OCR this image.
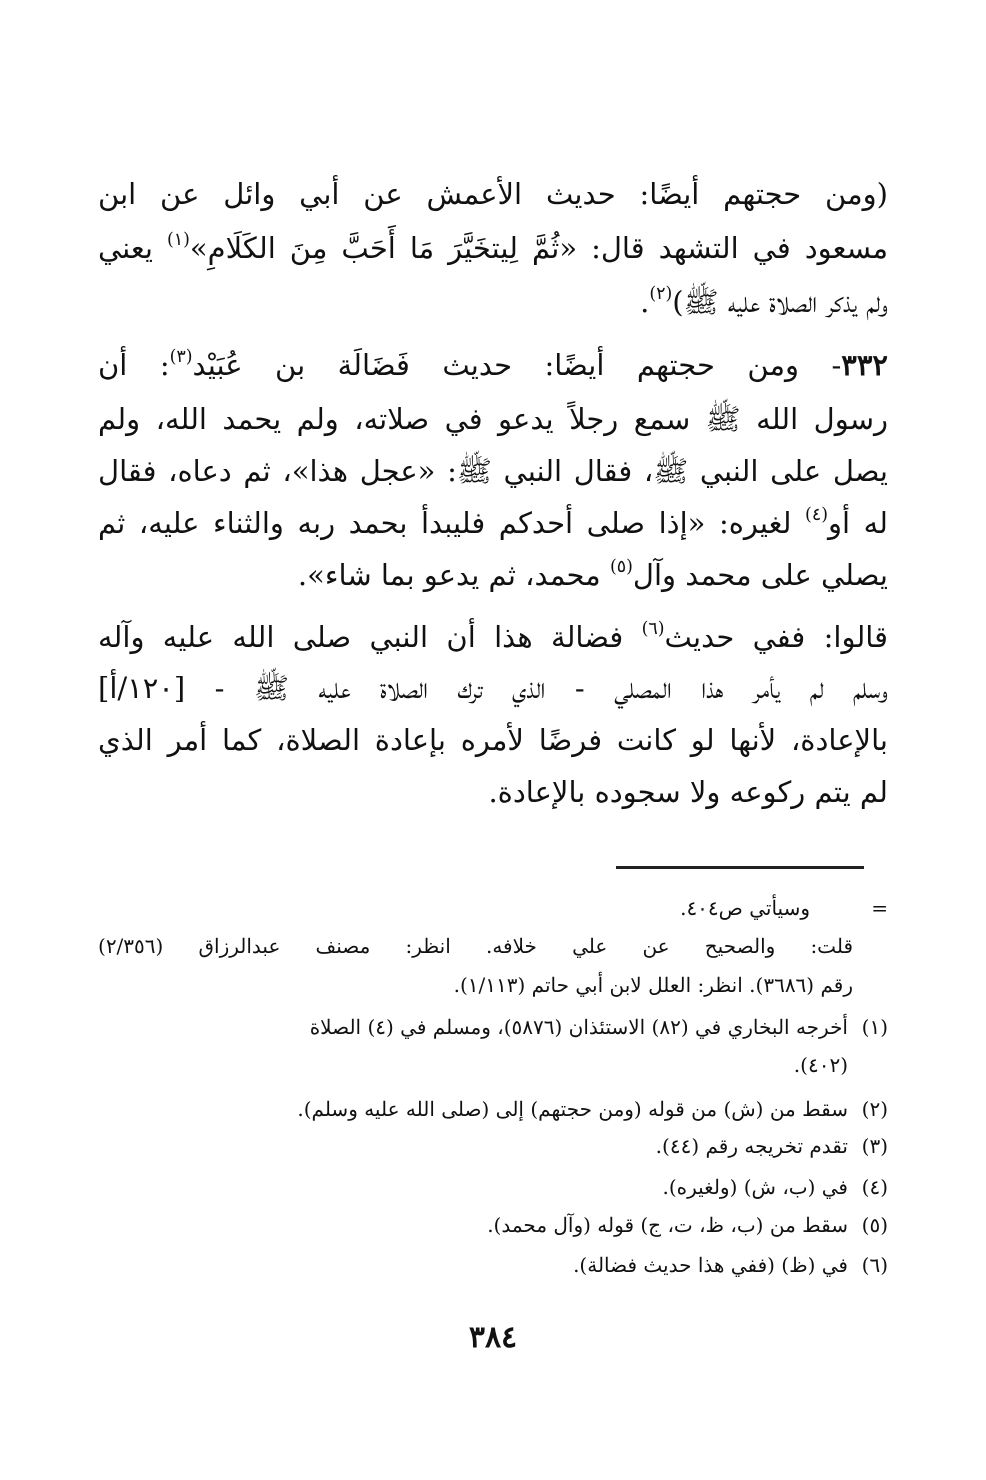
(ومن حجتهم أيضًا: حديث الأعمش عن أبي وائل عن ابن
مسعود في التشهد قال: «ثُمَّ لِيتخَيَّرَ مَا أَحَبَّ مِنَ الكَلَامِ»$^{(١)}$ يعني
ولم يذكر الصلاة عليه ﷺ)$^{(٢)}$.
٣٣٢- ومن حجتهم أيضًا: حديث فَضَالَة بن عُبَيْد$^{(٣)}$: أن
رسول الله ﷺ سمع رجلاً يدعو في صلاته، ولم يحمد الله، ولم
يصل على النبي ﷺ، فقال النبي ﷺ: «عجل هذا»، ثم دعاه، فقال
له أو$^{(٤)}$ لغيره: «إذا صلى أحدكم فليبدأ بحمد ربه والثناء عليه، ثم
يصلي على محمد وآل$^{(٥)}$ محمد، ثم يدعو بما شاء».
قالوا: ففي حديث$^{(٦)}$ فضالة هذا أن النبي صلى الله عليه وآله
وسلم لم يأمر هذا المصلي - الذي ترك الصلاة عليه ﷺ - [١٢٠/أ]
بالإعادة، لأنها لو كانت فرضًا لأمره بإعادة الصلاة، كما أمر الذي
لم يتم ركوعه ولا سجوده بالإعادة.
=
وسيأتي ص٤٠٤.
قلت: والصحيح عن علي خلافه. انظر: مصنف عبدالرزاق (٢/٣٥٦)
رقم (٣٦٨٦). انظر: العلل لابن أبي حاتم (١/١١٣).
(١)أخرجه البخاري في (٨٢) الاستئذان (٥٨٧٦)، ومسلم في (٤) الصلاة
(٤٠٢).
(٢)سقط من (ش) من قوله (ومن حجتهم) إلى (صلى الله عليه وسلم).
(٣)تقدم تخريجه رقم (٤٤).
(٤)في (ب، ش) (ولغيره).
(٥)سقط من (ب، ظ، ت، ج) قوله (وآل محمد).
(٦)في (ظ) (ففي هذا حديث فضالة).
٣٨٤
